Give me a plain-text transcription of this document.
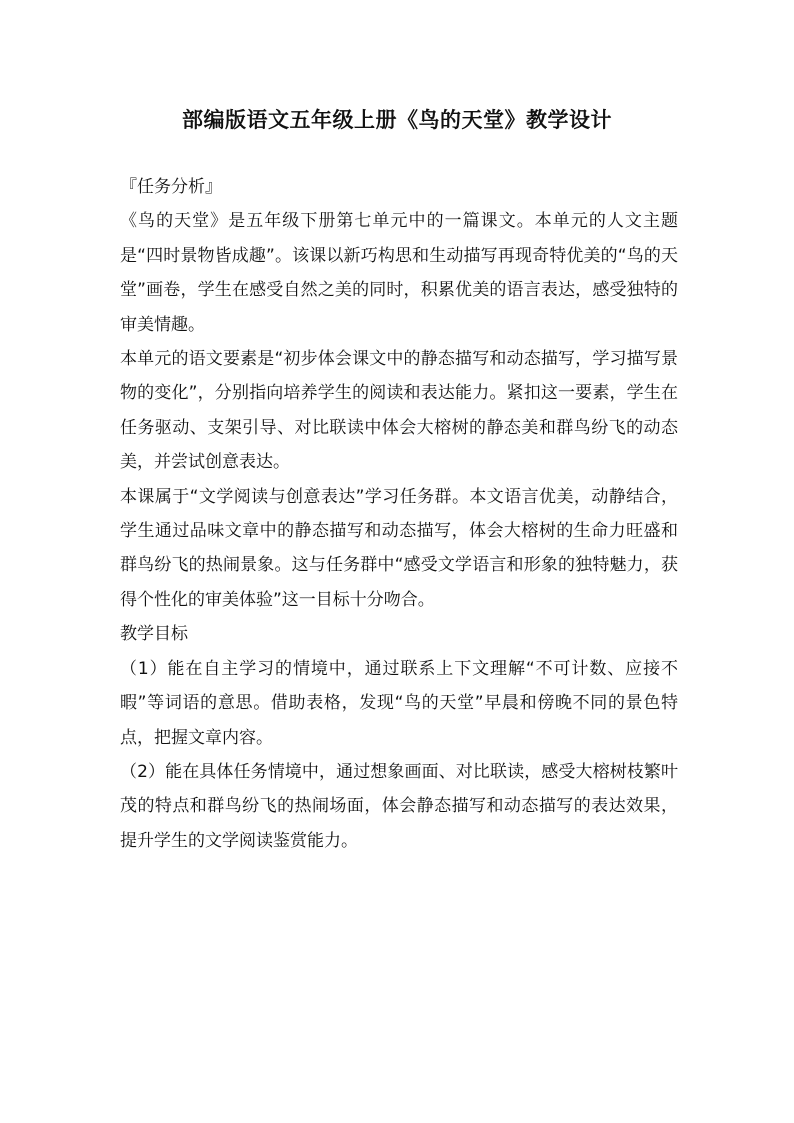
部编版语文五年级上册《鸟的天堂》教学设计

『任务分析』

《鸟的天堂》是五年级下册第七单元中的一篇课文。本单元的人文主题是“四时景物皆成趣”。该课以新巧构思和生动描写再现奇特优美的“鸟的天堂”画卷，学生在感受自然之美的同时，积累优美的语言表达，感受独特的审美情趣。

本单元的语文要素是“初步体会课文中的静态描写和动态描写，学习描写景物的变化”，分别指向培养学生的阅读和表达能力。紧扣这一要素，学生在任务驱动、支架引导、对比联读中体会大榕树的静态美和群鸟纷飞的动态美，并尝试创意表达。

本课属于“文学阅读与创意表达”学习任务群。本文语言优美，动静结合，学生通过品味文章中的静态描写和动态描写，体会大榕树的生命力旺盛和群鸟纷飞的热闹景象。这与任务群中“感受文学语言和形象的独特魅力，获得个性化的审美体验”这一目标十分吻合。

教学目标

（1）能在自主学习的情境中，通过联系上下文理解“不可计数、应接不暇”等词语的意思。借助表格，发现“鸟的天堂”早晨和傍晚不同的景色特点，把握文章内容。

（2）能在具体任务情境中，通过想象画面、对比联读，感受大榕树枝繁叶茂的特点和群鸟纷飞的热闹场面，体会静态描写和动态描写的表达效果，提升学生的文学阅读鉴赏能力。
